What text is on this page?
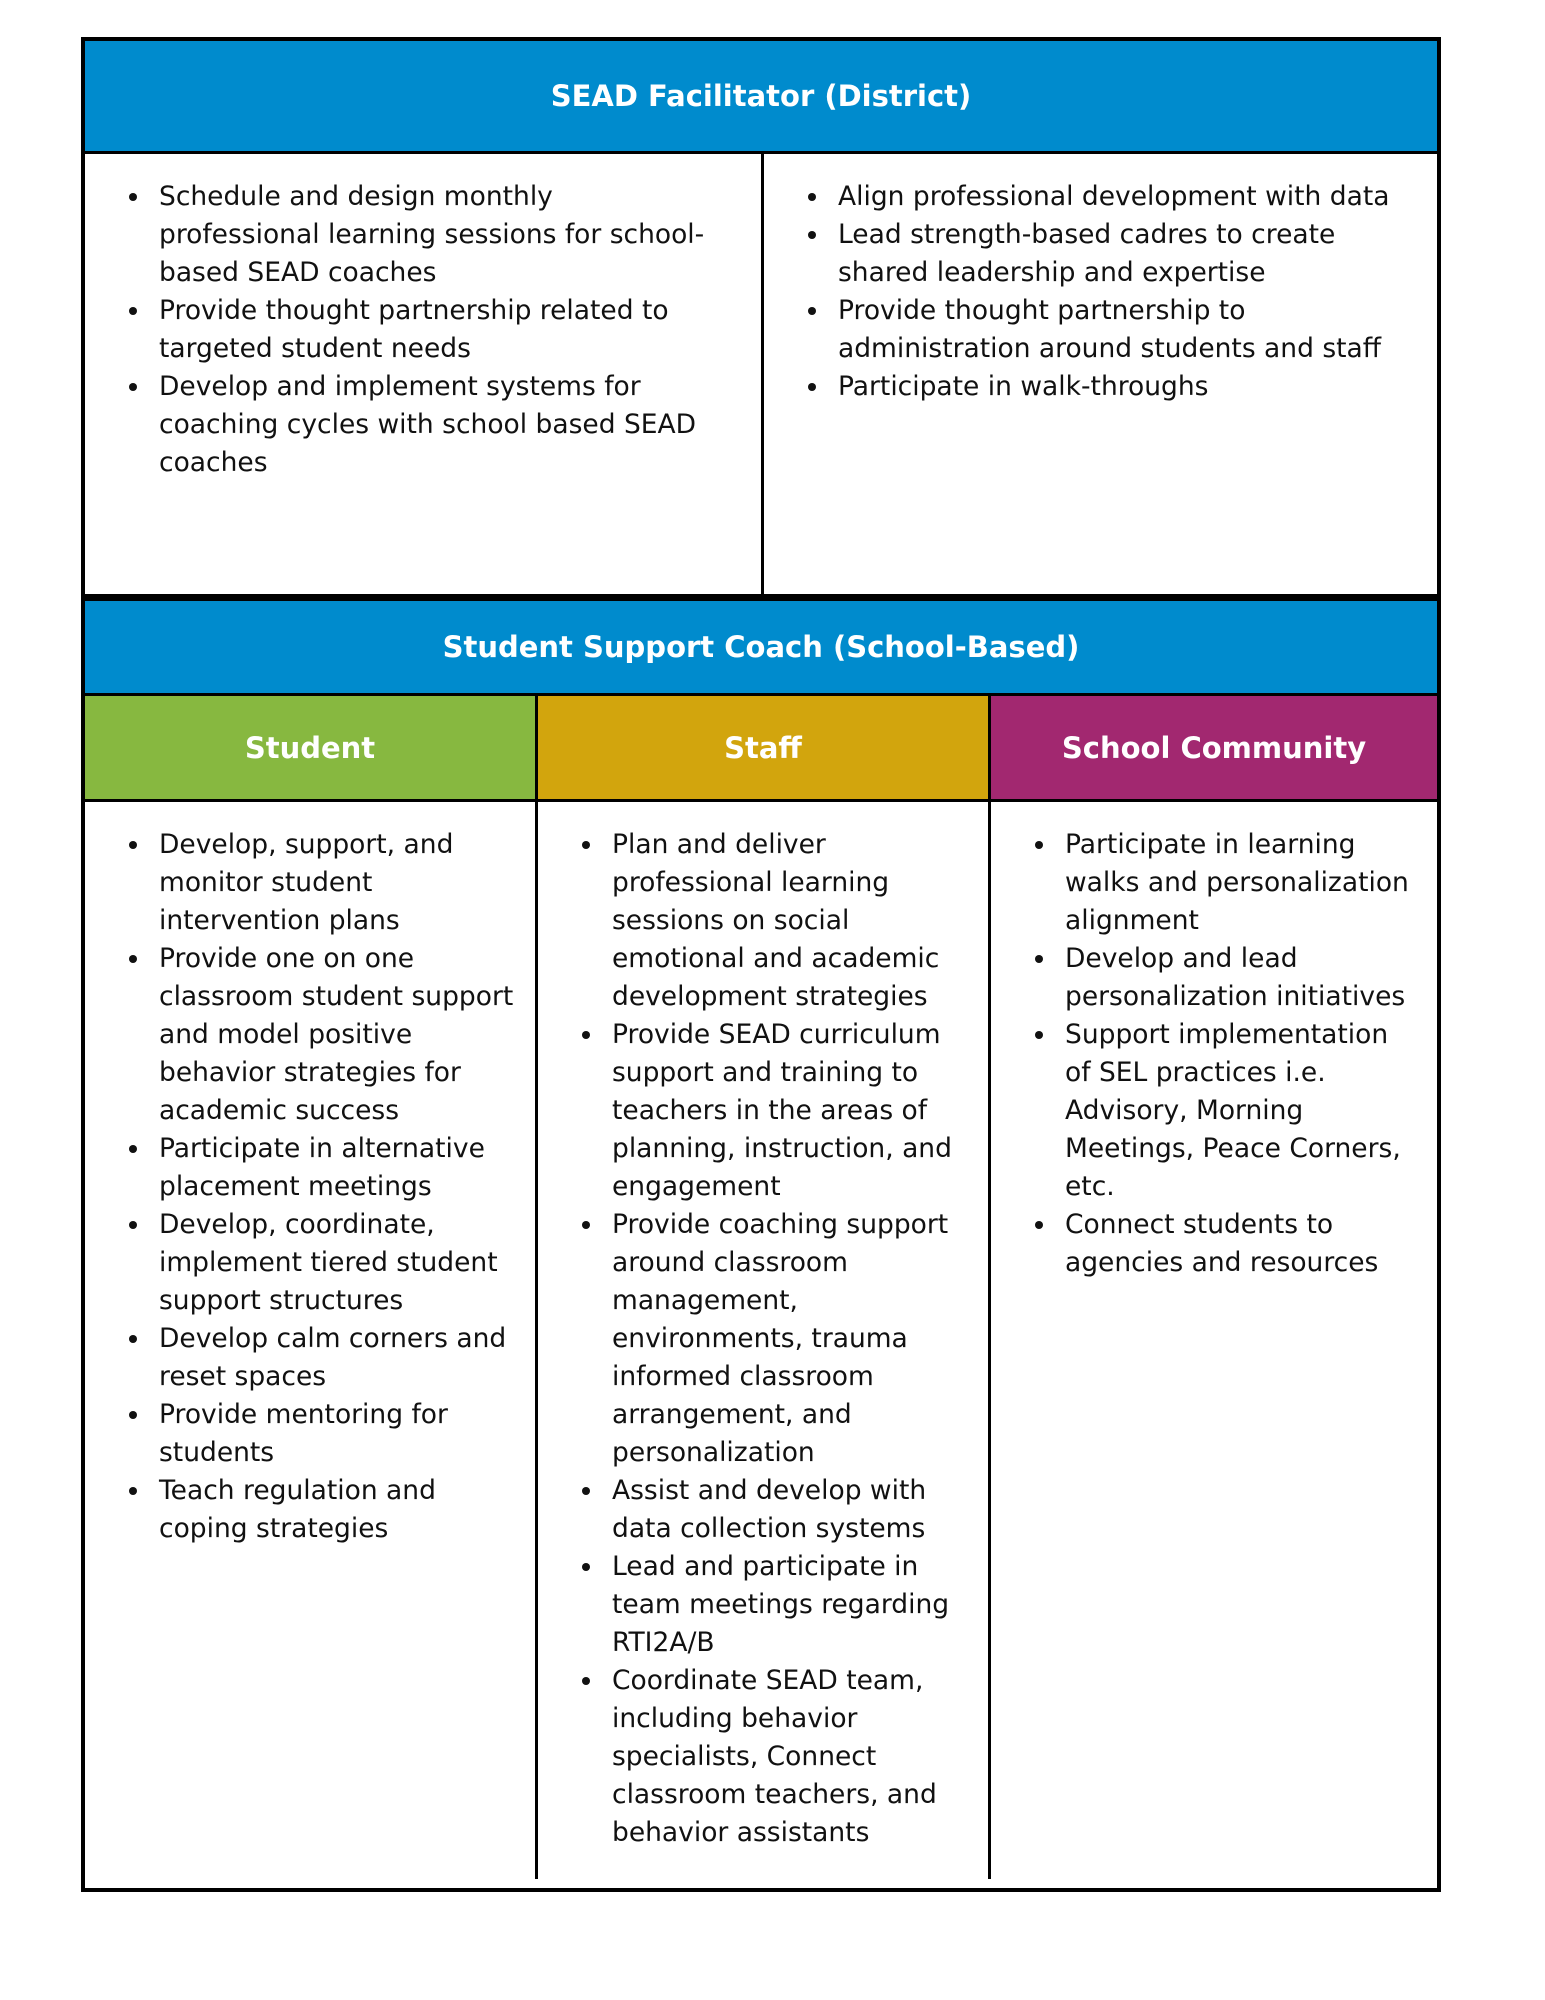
SEAD Facilitator (District)
Schedule and design monthly professional learning sessions for school-based SEAD coaches
Provide thought partnership related to targeted student needs
Develop and implement systems for coaching cycles with school based SEAD coaches
Align professional development with data
Lead strength-based cadres to create shared leadership and expertise
Provide thought partnership to administration around students and staff
Participate in walk-throughs
Student Support Coach (School-Based)
Student	Staff	School Community
Develop, support, and monitor student intervention plans
Provide one on one classroom student support and model positive behavior strategies for academic success
Participate in alternative placement meetings
Develop, coordinate, implement tiered student support structures
Develop calm corners and reset spaces
Provide mentoring for students
Teach regulation and coping strategies
Plan and deliver professional learning sessions on social emotional and academic development strategies
Provide SEAD curriculum support and training to teachers in the areas of planning, instruction, and engagement
Provide coaching support around classroom management, environments, trauma informed classroom arrangement, and personalization
Assist and develop with data collection systems
Lead and participate in team meetings regarding RTI2A/B
Coordinate SEAD team, including behavior specialists, Connect classroom teachers, and behavior assistants
Participate in learning walks and personalization alignment
Develop and lead personalization initiatives
Support implementation of SEL practices i.e. Advisory, Morning Meetings, Peace Corners, etc.
Connect students to agencies and resources
